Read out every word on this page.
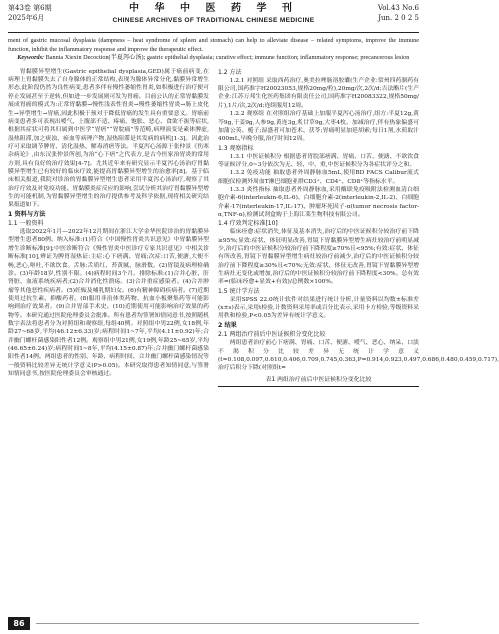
第43卷 第6期
2025年6月
中 华 中 医 药 学 刊
CHINESE ARCHIVES OF TRADITIONAL CHINESE MEDICINE
Vol.43 No.6
Jun. 2 0 2 5
ment of gastric mucosal dysplasia (dampness – heat syndrome of spleen and stomach) can help to alleviate disease – related symptoms, improve the immune function, inhibit the inflammatory response and improve the therapeutic effect.
Keywords: Bannia Xiexin Decoction(半夏泻心汤); gastric epithelial dysplasia; curative effect; immune function; inflammatory response; precancerous lesion

胃黏膜异型增生(Gastric epithelial dysplasia,GED)属于癌前病变,在病理上胃黏膜失去了自身腺体的正常结构,表现为腺体异常分化,黏膜异常增生形态,此阶段仍然为良性病变,患者多伴有慢性萎缩性胃炎,如积极进行治疗便可停止发展甚至于逆转,但如进一步发展则可发为胃癌。目前公认的正常胃黏膜发展成胃癌的模式为:正常胃黏膜→慢性浅表性胃炎→慢性萎缩性胃炎→肠上皮化生→异型增生→胃癌,因此积极干预对于降低胃癌的发生具有重要意义。胃癌前病变患者多可表现出嗳气、上腹部不适、疼痛、饱胀、恶心、食欲不振等症状,根据其症状可将其归属到中医学“胃痞”“胃脘痛”等范畴,病理演变是素体脾虚,湿热阻滞,加之痰浊、瘀血等病理产物,湿热阻滞是其发病的病机[1-3]。因此治疗可采取调节脾胃、清化湿热、解毒消痞等法。半夏泻心汤源于张仲景《伤寒杂病论》,由东汉张仲景所创,为治“心下痞”之代表方,是古今医家治胃炎的常用方剂,具有良好的治疗效果[4-7]。尤其近年来有研究显示半夏泻心汤治疗胃黏膜异型增生已有较好的临床疗效,能提高胃黏膜异型增生的治愈率[8]。基于临床相关报道,我院对诊治的胃黏膜异型增生患者采用半夏泻心汤治疗,观察了其治疗疗效及对免疫功能、胃黏膜炎症反应的影响,尝试分析其治疗胃黏膜异型增生的可能机制,为胃黏膜异型增生的治疗提供参考及科学依据,现将相关研究结果报道如下。

1 资料与方法
1.1 一般资料

选取2022年1月—2022年12月期间在浙江大学金华医院诊治的胃黏膜异型增生患者80例。纳入标准:(1)符合《中国慢性胃炎共识意见》中胃黏膜异型增生诊断标准[9];中医诊断符合《慢性胃炎中医诊疗专家共识意见》中相关诊断标准[10],辨证为脾胃湿热证:主症:心下痞满、胃痛;次症:口苦,便溏,大便不畅,恶心,呕吐,不欲饮食。舌脉:舌质红、苔黄腻、脉滑数。(2)胃镜及病理检确诊。(3)年龄18岁,性别不限。(4)病程时间3个月。排除标准:(1)合并心脏、肝肾脏、血液系统疾病者;(2)合并消化性溃疡。(3)合并重症感染者。(4)合并肿瘤等其他恶性疾病者。(5)妊娠及哺乳期妇女。(6)有精神障碍疾病者。(7)近期使用过抗生素、抑酸药者。(8)服用非甾体类药物、抗血小板聚集药等可能影响到治疗效果者。(9)合并胃部手术史。(10)近期使用可能影响治疗效果的药物等。本研究通过医院伦理委员会批准。所有患者均签署知情同意书,按照随机数字表法将患者分为对照组和观察组,每组40例。对照组中男22例,女18例,年龄27~68岁,平均(46.12±6.33)岁;病程时间1~7年,平均(4.11±0.92)年;合并幽门螺杆菌感染阳性者12例。观察组中男21例,女19例,年龄25~65岁,平均(46.65±6.24)岁;病程时间1~8年,平均(4.15±0.87)年;合并幽门螺杆菌感染阳性者14例。两组患者的性别、年龄、病程时间、合并幽门螺杆菌感染情况等一般资料比较差异无统计学意义(P>0.05)。本研究取得患者知情同意,与签署知情同意书,按医院伦理委员会审核通过。

1.2 方法

1.2.1 对照组 采取西药治疗,奥美拉唑肠溶胶囊(生产企业:常州四药制药有限公司,国药准字H20023053,规格20mg/粒),20mg/次,2次/d;吉法酯片(生产企业:江苏万邦生化医药集团有限责任公司,国药准字H20083322,规格50mg/片),1片/次,2次/d;连续服用12周。

1.2.2 观察组 在对照组治疗基础上加服半夏泻心汤治疗,组方:半夏12g,黄芩9g,干姜9g,人参9g,黄连3g,炙甘草9g,大枣4枚。加减治疗,伴有热象偏盛可加蒲公英、栀子;湿盛者可加苍术、茯苓;胃痛明显加延胡索;每日1剂,水煎取汁400mL,早晚分服,治疗时间12周。

1.3 观察指标

1.3.1 中医证候积分 根据患者胃脘部痞满、胃痛、口苦、便溏、不欲饮食等证候评分,0~3分依次为无、轻、中、重,中医证候积分为各症状评分之和。

1.3.2 免疫功能 抽取患者外周静脉血5mL,使用BD FACS Calibur流式细胞仪检测外周血T淋巴细胞亚群CD3⁺、CD4⁺、CD8⁺等指标水平。

1.3.3 炎性指标 抽取患者外周静脉血,采用酶联免疫吸附法检测血清白细胞介素-6(interleukin-6,IL-6)、白细胞介素-2(interleukin-2,IL-2)、白细胞介素-17(interleukin-17,IL-17)、肿瘤坏死因子-α(tumor necrosis factor-α,TNF-α),检测试剂盒购于上海江莱生物科技有限公司。

1.4 疗效判定标准[10]

临床痊愈:症状消失,体征及基本消失,治疗后的中医证候积分较治疗前下降≥95%;显效:症状、体征明显改善,胃镜下胃黏膜异型增生病灶较治疗前明显减少,治疗后的中医证候积分较治疗前下降程度≥70%且<95%;有效:症状、体征有所改善,胃镜下胃黏膜异型增生病灶较治疗前减少,治疗后的中医证候积分较治疗前下降程度≥30%且<70%;无效:症状、体征无改善,胃镜下胃黏膜异型增生病灶无变化或增加,治疗后的中医证候积分较治疗前下降程度<30%。总有效率=(临床痊愈+显效+有效)/总例数×100%。

1.5 统计学方法

采用SPSS 22.0统计软件对结果进行统计分析,计量资料以均数±标准差(x±s)表示,采用t检验,计数资料采用率或百分比表示,采用卡方检验,等级资料采用秩和检验,P<0.05为差异有统计学意义。

2 结果
2.1 两组治疗前后中医证候积分变化比较

两组患者治疗前心下痞满、胃痛、口苦、便溏、嗳气、恶心、纳呆、口淡不渴积分比较差异无统计学意义(t=0.108,0.097,0.610,0.406,0.709,0.745,0.363,P=0.914,0.923,0.497,0.686,0.480,0.459,0.717),治疗后积分下降(对照组t=

表1 两组治疗前后中医证候积分变化比较
86
